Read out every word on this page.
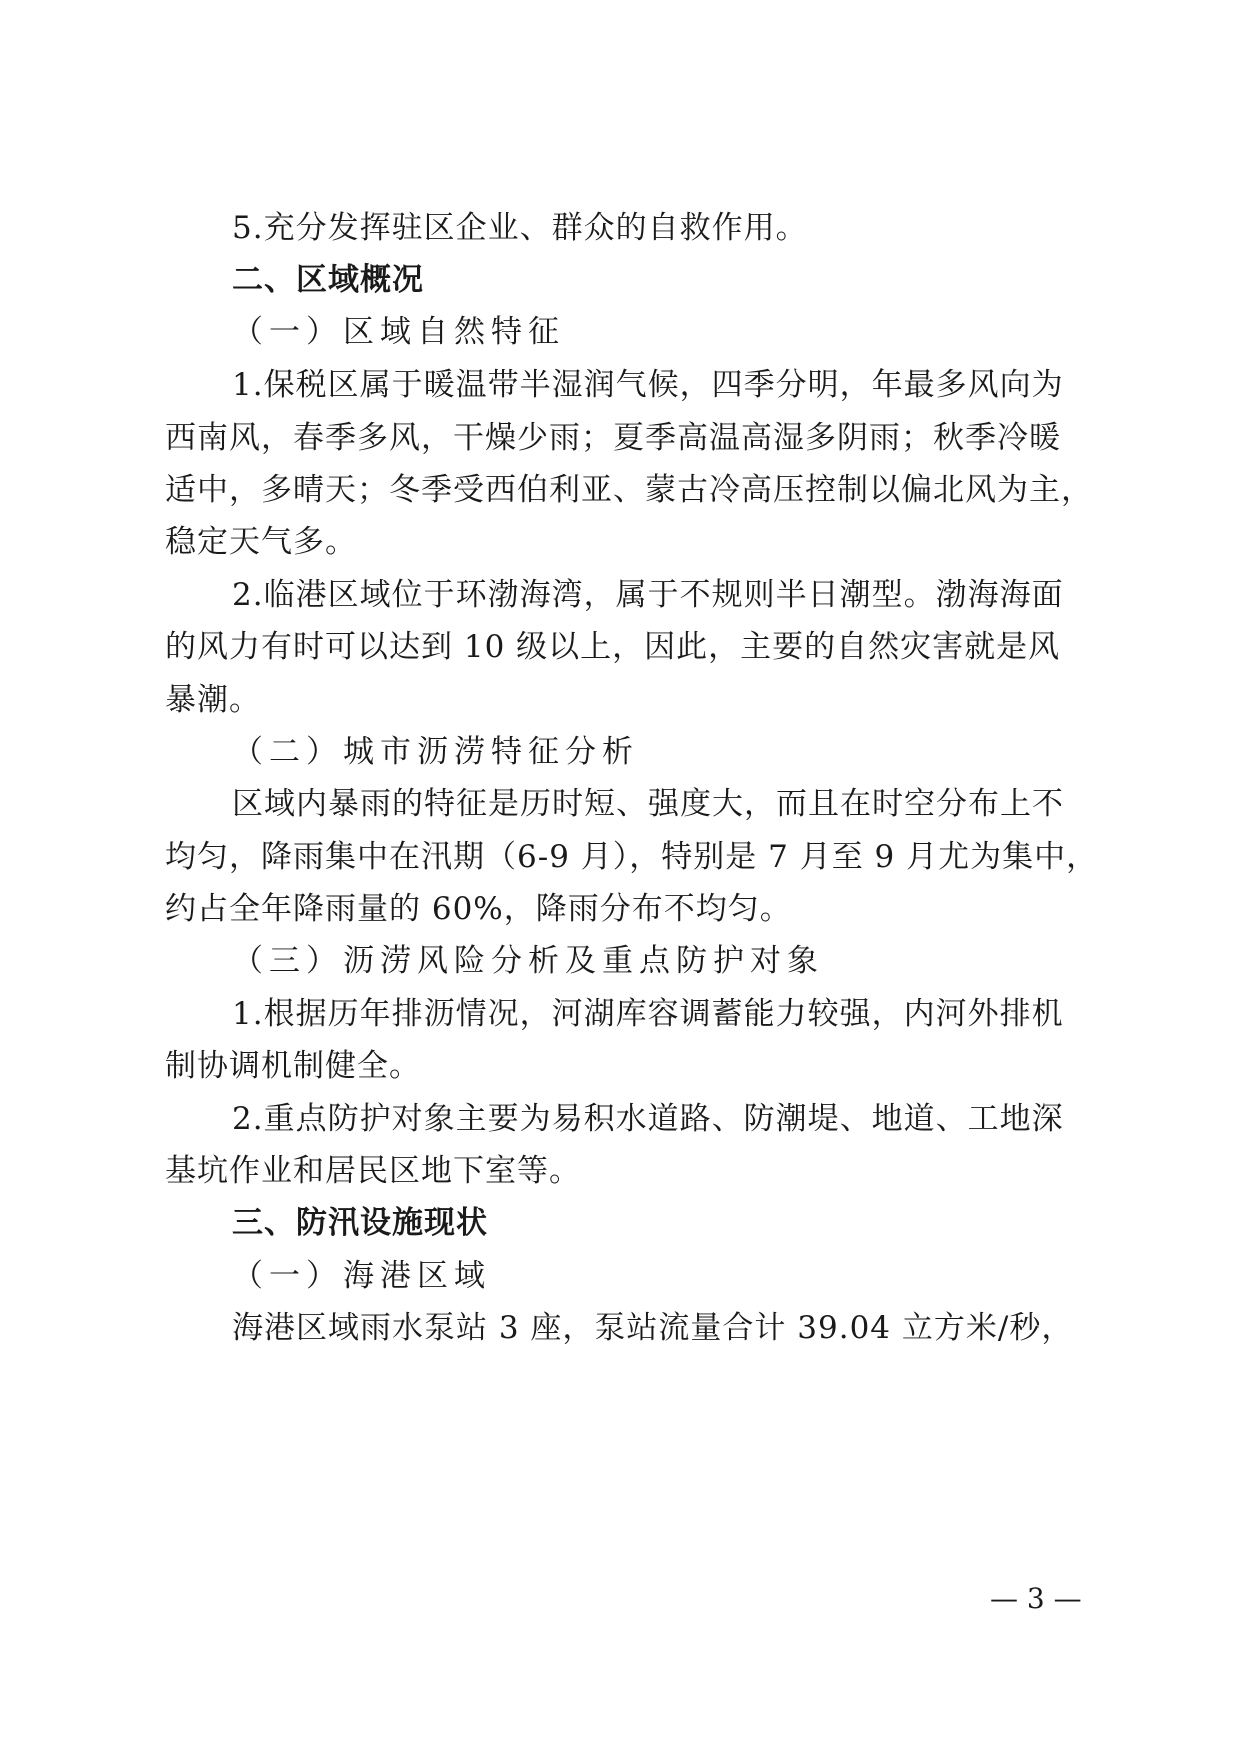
5.充分发挥驻区企业、群众的自救作用。
二、区域概况
（一）区域自然特征
1.保税区属于暖温带半湿润气候，四季分明，年最多风向为
西南风，春季多风，干燥少雨；夏季高温高湿多阴雨；秋季冷暖
适中，多晴天；冬季受西伯利亚、蒙古冷高压控制以偏北风为主，
稳定天气多。
2.临港区域位于环渤海湾，属于不规则半日潮型。渤海海面
的风力有时可以达到 10 级以上，因此，主要的自然灾害就是风
暴潮。
（二）城市沥涝特征分析
区域内暴雨的特征是历时短、强度大，而且在时空分布上不
均匀，降雨集中在汛期（6-9 月），特别是 7 月至 9 月尤为集中，
约占全年降雨量的 60%，降雨分布不均匀。
（三）沥涝风险分析及重点防护对象
1.根据历年排沥情况，河湖库容调蓄能力较强，内河外排机
制协调机制健全。
2.重点防护对象主要为易积水道路、防潮堤、地道、工地深
基坑作业和居民区地下室等。
三、防汛设施现状
（一）海港区域
海港区域雨水泵站 3 座，泵站流量合计 39.04 立方米/秒，
— 3 —
